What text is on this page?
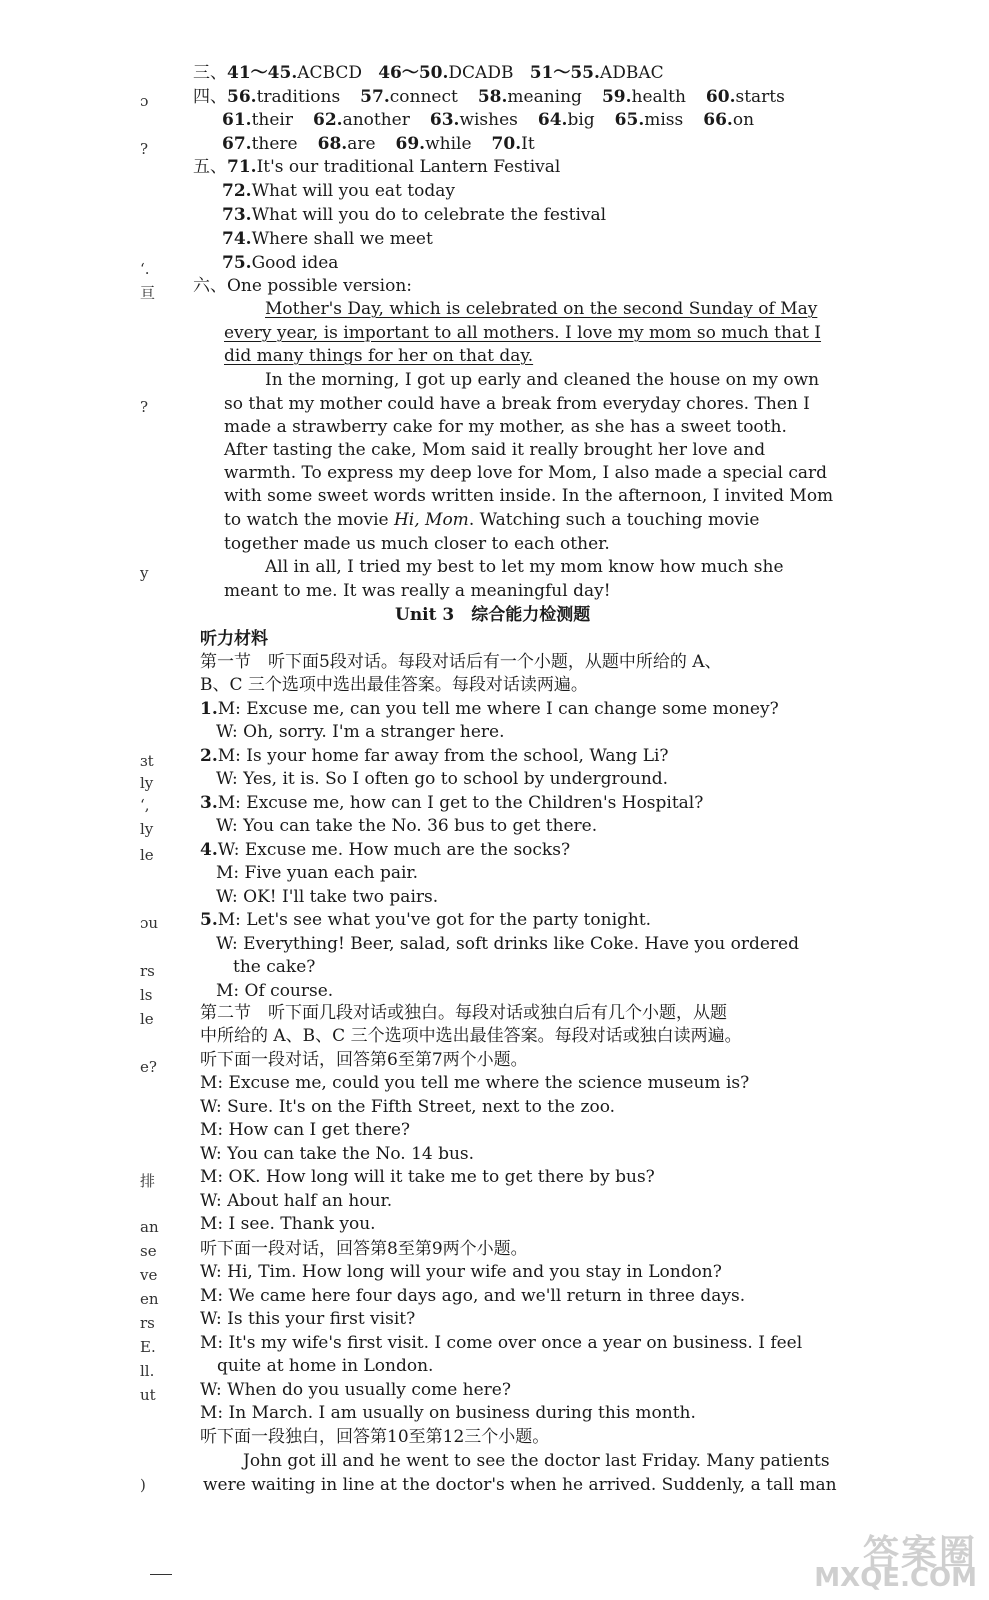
ɔ
?
ʻ.
亘
?
y
ɜt
ly
ʻ,
ly
le
ɔu
rs
ls
le
e?
排
an
se
ve
en
rs
E.
ll.
ut
)
三、41～45.ACBCD 46～50.DCADB 51～55.ADBAC
四、56.traditions 57.connect 58.meaning 59.health 60.starts
61.their 62.another 63.wishes 64.big 65.miss 66.on
67.there 68.are 69.while 70.It
五、71.It's our traditional Lantern Festival
72.What will you eat today
73.What will you do to celebrate the festival
74.Where shall we meet
75.Good idea
六、One possible version:
Mother's Day, which is celebrated on the second Sunday of May
every year, is important to all mothers. I love my mom so much that I
did many things for her on that day.
In the morning, I got up early and cleaned the house on my own
so that my mother could have a break from everyday chores. Then I
made a strawberry cake for my mother, as she has a sweet tooth.
After tasting the cake, Mom said it really brought her love and
warmth. To express my deep love for Mom, I also made a special card
with some sweet words written inside. In the afternoon, I invited Mom
to watch the movie Hi, Mom. Watching such a touching movie
together made us much closer to each other.
All in all, I tried my best to let my mom know how much she
meant to me. It was really a meaningful day!
Unit 3　综合能力检测题
听力材料
第一节　听下面5段对话。每段对话后有一个小题，从题中所给的 A、
B、C 三个选项中选出最佳答案。每段对话读两遍。
1.M: Excuse me, can you tell me where I can change some money?
W: Oh, sorry. I'm a stranger here.
2.M: Is your home far away from the school, Wang Li?
W: Yes, it is. So I often go to school by underground.
3.M: Excuse me, how can I get to the Children's Hospital?
W: You can take the No. 36 bus to get there.
4.W: Excuse me. How much are the socks?
M: Five yuan each pair.
W: OK! I'll take two pairs.
5.M: Let's see what you've got for the party tonight.
W: Everything! Beer, salad, soft drinks like Coke. Have you ordered
　the cake?
M: Of course.
第二节　听下面几段对话或独白。每段对话或独白后有几个小题，从题
中所给的 A、B、C 三个选项中选出最佳答案。每段对话或独白读两遍。
听下面一段对话，回答第6至第7两个小题。
M: Excuse me, could you tell me where the science museum is?
W: Sure. It's on the Fifth Street, next to the zoo.
M: How can I get there?
W: You can take the No. 14 bus.
M: OK. How long will it take me to get there by bus?
W: About half an hour.
M: I see. Thank you.
听下面一段对话，回答第8至第9两个小题。
W: Hi, Tim. How long will your wife and you stay in London?
M: We came here four days ago, and we'll return in three days.
W: Is this your first visit?
M: It's my wife's first visit. I come over once a year on business. I feel
　quite at home in London.
W: When do you usually come here?
M: In March. I am usually on business during this month.
听下面一段独白，回答第10至第12三个小题。
John got ill and he went to see the doctor last Friday. Many patients
were waiting in line at the doctor's when he arrived. Suddenly, a tall man
答案圈
MXQE.COM
